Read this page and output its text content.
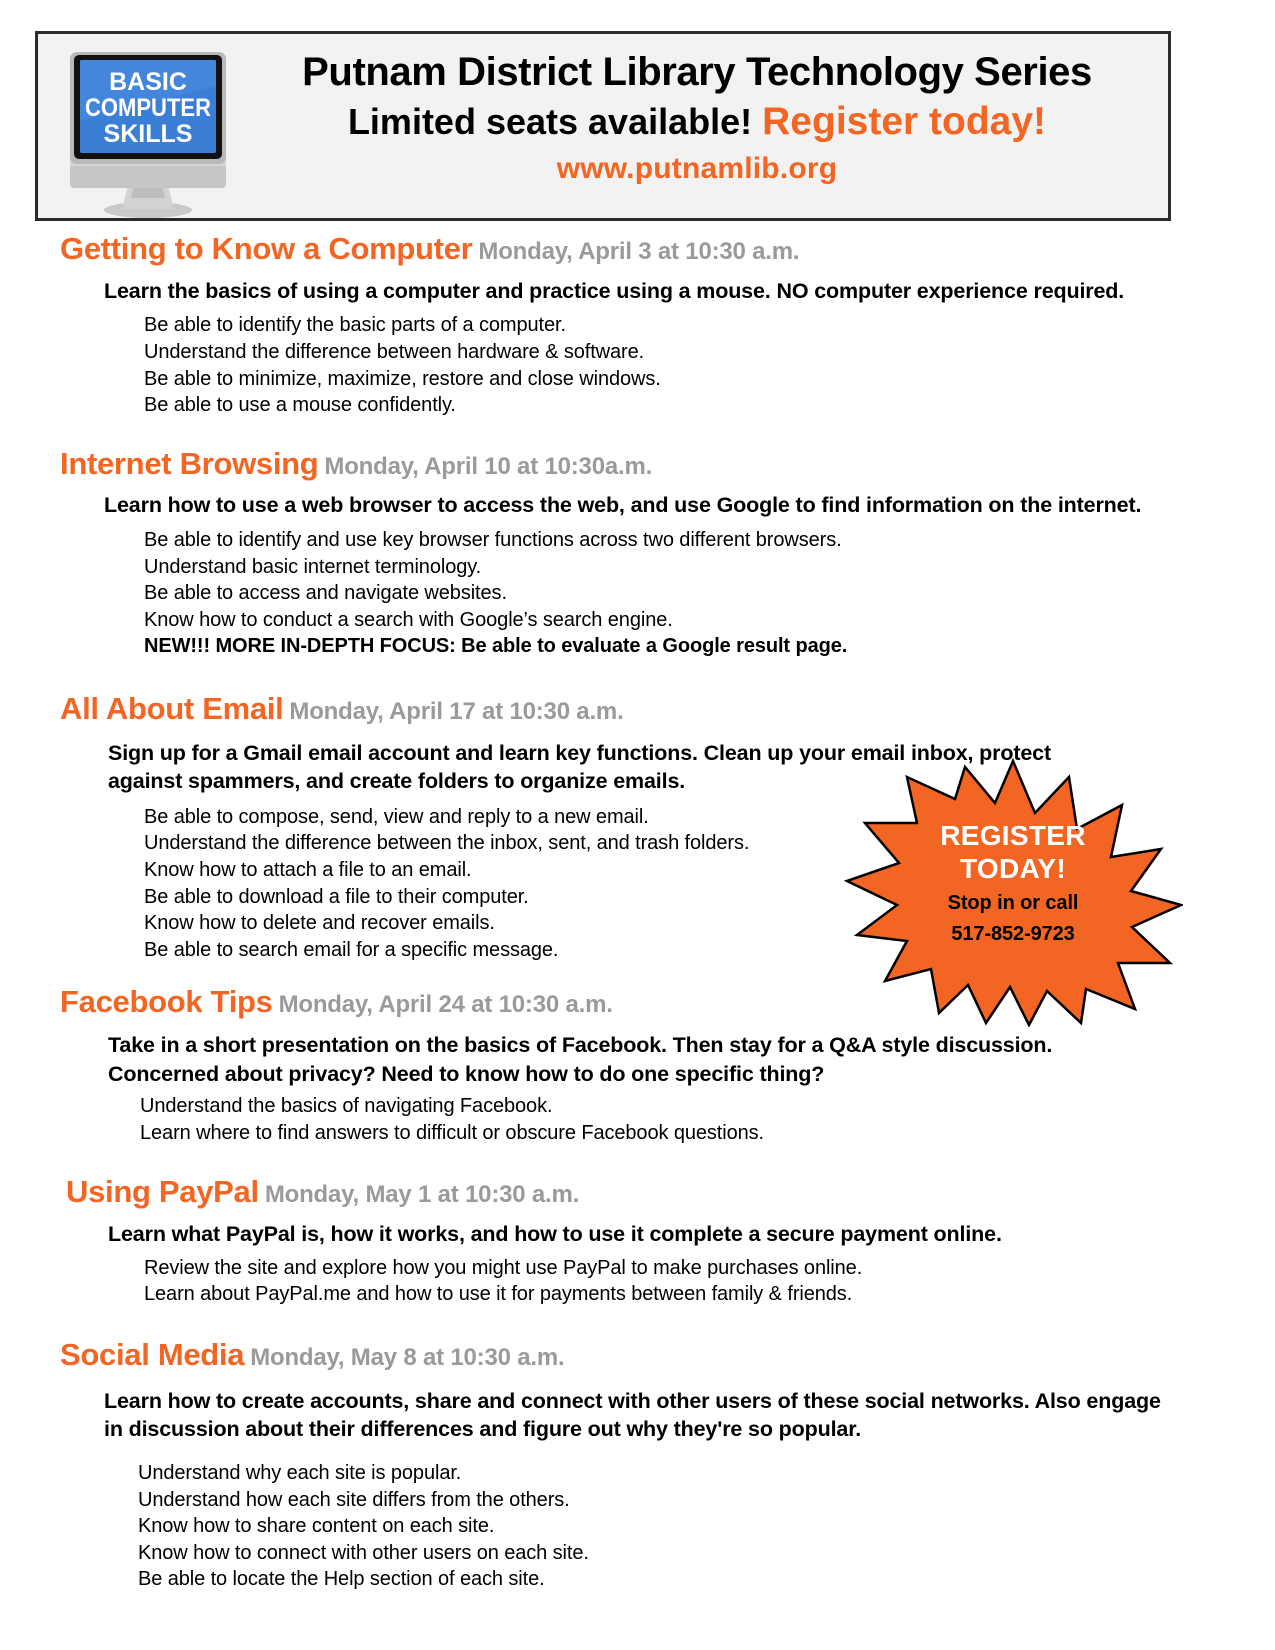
BASIC
COMPUTER
SKILLS
Putnam District Library Technology Series
Limited seats available! Register today!
www.putnamlib.org
REGISTER
TODAY!
Stop in or call
517-852-9723
Getting to Know a Computer Monday, April 3 at 10:30 a.m.
Learn the basics of using a computer and practice using a mouse. NO computer experience required.
Be able to identify the basic parts of a computer.
Understand the difference between hardware & software.
Be able to minimize, maximize, restore and close windows.
Be able to use a mouse confidently.
Internet Browsing Monday, April 10 at 10:30a.m.
Learn how to use a web browser to access the web, and use Google to find information on the internet.
Be able to identify and use key browser functions across two different browsers.
Understand basic internet terminology.
Be able to access and navigate websites.
Know how to conduct a search with Google’s search engine.
NEW!!! MORE IN-DEPTH FOCUS: Be able to evaluate a Google result page.
All About Email Monday, April 17 at 10:30 a.m.
Sign up for a Gmail email account and learn key functions. Clean up your email inbox, protect against spammers, and create folders to organize emails.
Be able to compose, send, view and reply to a new email.
Understand the difference between the inbox, sent, and trash folders.
Know how to attach a file to an email.
Be able to download a file to their computer.
Know how to delete and recover emails.
Be able to search email for a specific message.
Facebook Tips Monday, April 24 at 10:30 a.m.
Take in a short presentation on the basics of Facebook. Then stay for a Q&A style discussion. Concerned about privacy? Need to know how to do one specific thing?
Understand the basics of navigating Facebook.
Learn where to find answers to difficult or obscure Facebook questions.
Using PayPal Monday, May 1 at 10:30 a.m.
Learn what PayPal is, how it works, and how to use it complete a secure payment online.
Review the site and explore how you might use PayPal to make purchases online.
Learn about PayPal.me and how to use it for payments between family & friends.
Social Media Monday, May 8 at 10:30 a.m.
Learn how to create accounts, share and connect with other users of these social networks. Also engage in discussion about their differences and figure out why they're so popular.
Understand why each site is popular.
Understand how each site differs from the others.
Know how to share content on each site.
Know how to connect with other users on each site.
Be able to locate the Help section of each site.
